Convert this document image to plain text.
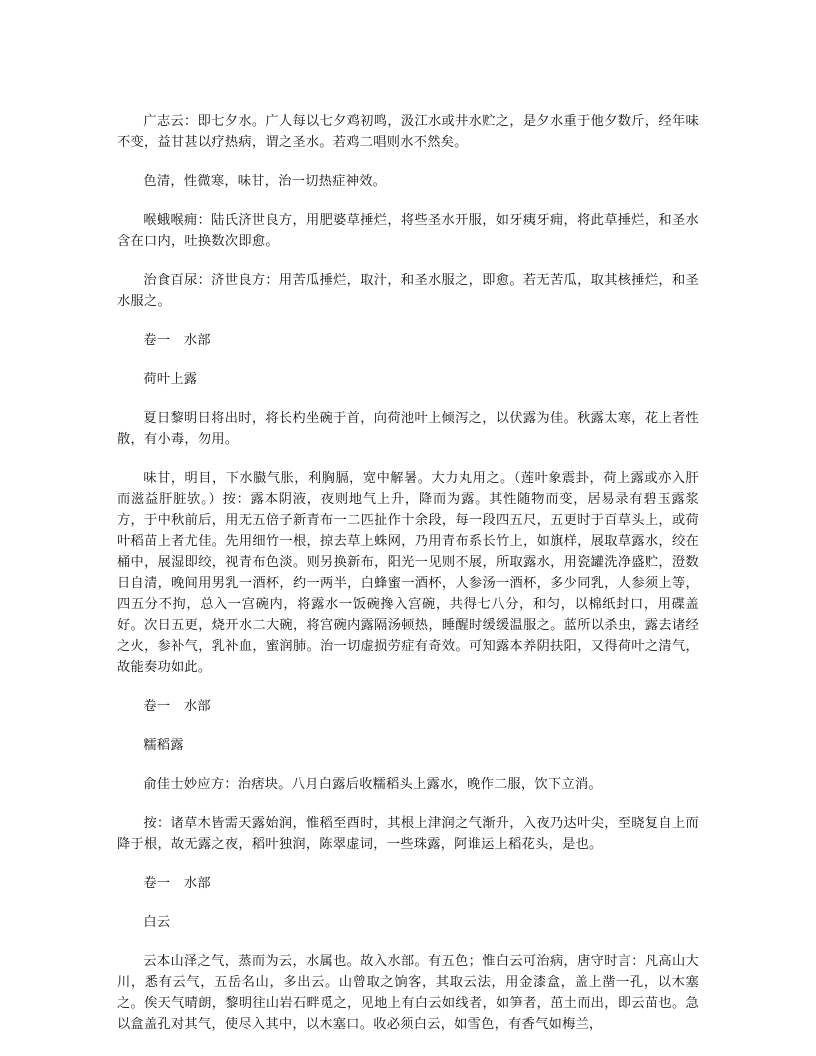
广志云：即七夕水。广人每以七夕鸡初鸣，汲江水或井水贮之，是夕水重于他夕数斤，经年味不变，益甘甚以疗热病，谓之圣水。若鸡二唱则水不然矣。

色清，性微寒，味甘，治一切热症神效。

喉蛾喉痈：陆氏济世良方，用肥婆草捶烂，将些圣水开服，如牙痍牙痈，将此草捶烂，和圣水含在口内，吐换数次即愈。

治食百尿：济世良方：用苦瓜捶烂，取汁，和圣水服之，即愈。若无苦瓜，取其核捶烂，和圣水服之。

卷一　水部

荷叶上露

夏日黎明日将出时，将长杓坐碗于首，向荷池叶上倾泻之，以伏露为佳。秋露太寒，花上者性散，有小毒，勿用。

味甘，明目，下水臌气胀，利胸膈，宽中解暑。大力丸用之。（莲叶象震卦，荷上露或亦入肝而滋益肝脏欤。）按：露本阴液，夜则地气上升，降而为露。其性随物而变，居易录有碧玉露浆方，于中秋前后，用无五倍子新青布一二匹扯作十余段，每一段四五尺，五更时于百草头上，或荷叶稻苗上者尤佳。先用细竹一根，掠去草上蛛网，乃用青布系长竹上，如旗样，展取草露水，绞在桶中，展湿即绞，视青布色淡。则另换新布，阳光一见则不展，所取露水，用瓷罐洗净盛贮，澄数日自清，晚间用男乳一酒杯，约一两半，白蜂蜜一酒杯，人参汤一酒杯，多少同乳，人参须上等，四五分不拘，总入一宫碗内，将露水一饭碗搀入宫碗，共得七八分，和匀，以棉纸封口，用碟盖好。次日五更，烧开水二大碗，将宫碗内露隔汤顿热，睡醒时缓缓温服之。蓝所以杀虫，露去诸经之火，参补气，乳补血，蜜润肺。治一切虚损劳症有奇效。可知露本养阴扶阳，又得荷叶之清气，故能奏功如此。

卷一　水部

糯稻露

俞佳士妙应方：治痞块。八月白露后收糯稻头上露水，晚作二服，饮下立消。

按：诸草木皆需天露始润，惟稻至酉时，其根上津润之气渐升，入夜乃达叶尖，至晓复自上而降于根，故无露之夜，稻叶独润，陈翠虚词，一些珠露，阿谁运上稻花头，是也。

卷一　水部

白云

云本山泽之气，蒸而为云，水属也。故入水部。有五色；惟白云可治病，唐守时言：凡高山大川，悉有云气，五岳名山，多出云。山曾取之饷客，其取云法，用金漆盒，盖上凿一孔，以木塞之。俟天气晴朗，黎明往山岩石畔觅之，见地上有白云如线者，如笋者，茁土而出，即云苗也。急以盒盖孔对其气，使尽入其中，以木塞口。收必须白云，如雪色，有香气如梅兰，
